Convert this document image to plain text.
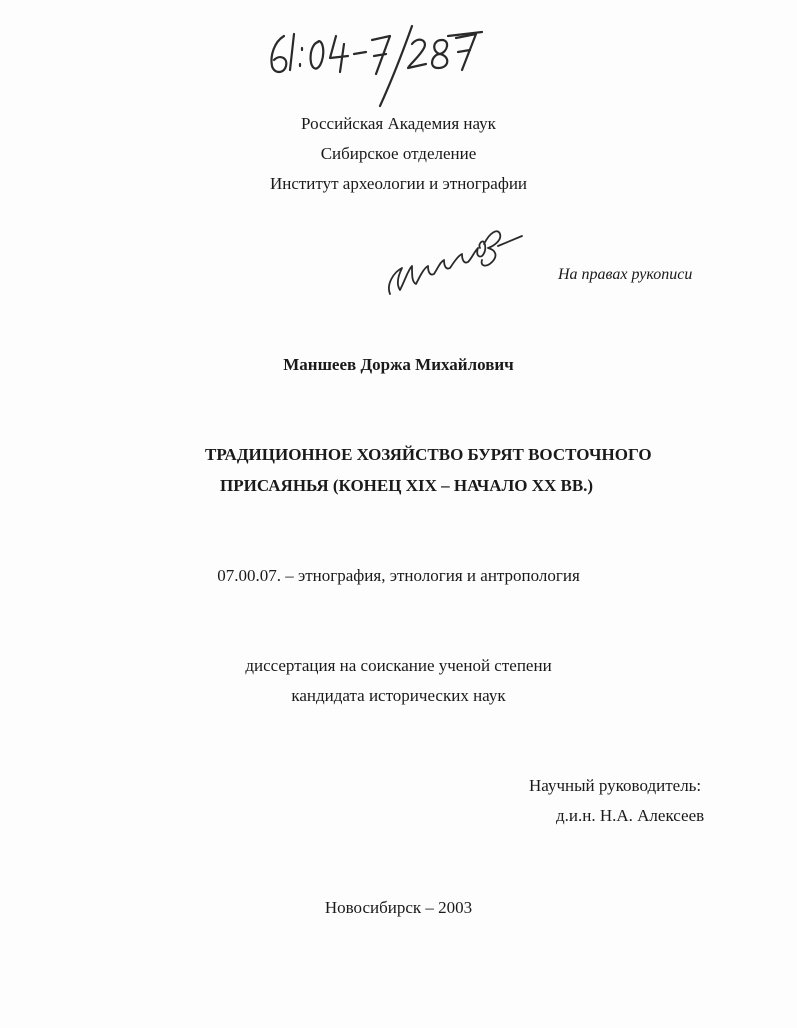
Российская Академия наук
Сибирское отделение
Институт археологии и этнографии
На правах рукописи
Маншеев Доржа Михайлович
ТРАДИЦИОННОЕ ХОЗЯЙСТВО БУРЯТ ВОСТОЧНОГО
ПРИСАЯНЬЯ (КОНЕЦ XIX – НАЧАЛО XX ВВ.)
07.00.07. – этнография, этнология и антропология
диссертация на соискание ученой степени
кандидата исторических наук
Научный руководитель:
д.и.н. Н.А. Алексеев
Новосибирск – 2003
